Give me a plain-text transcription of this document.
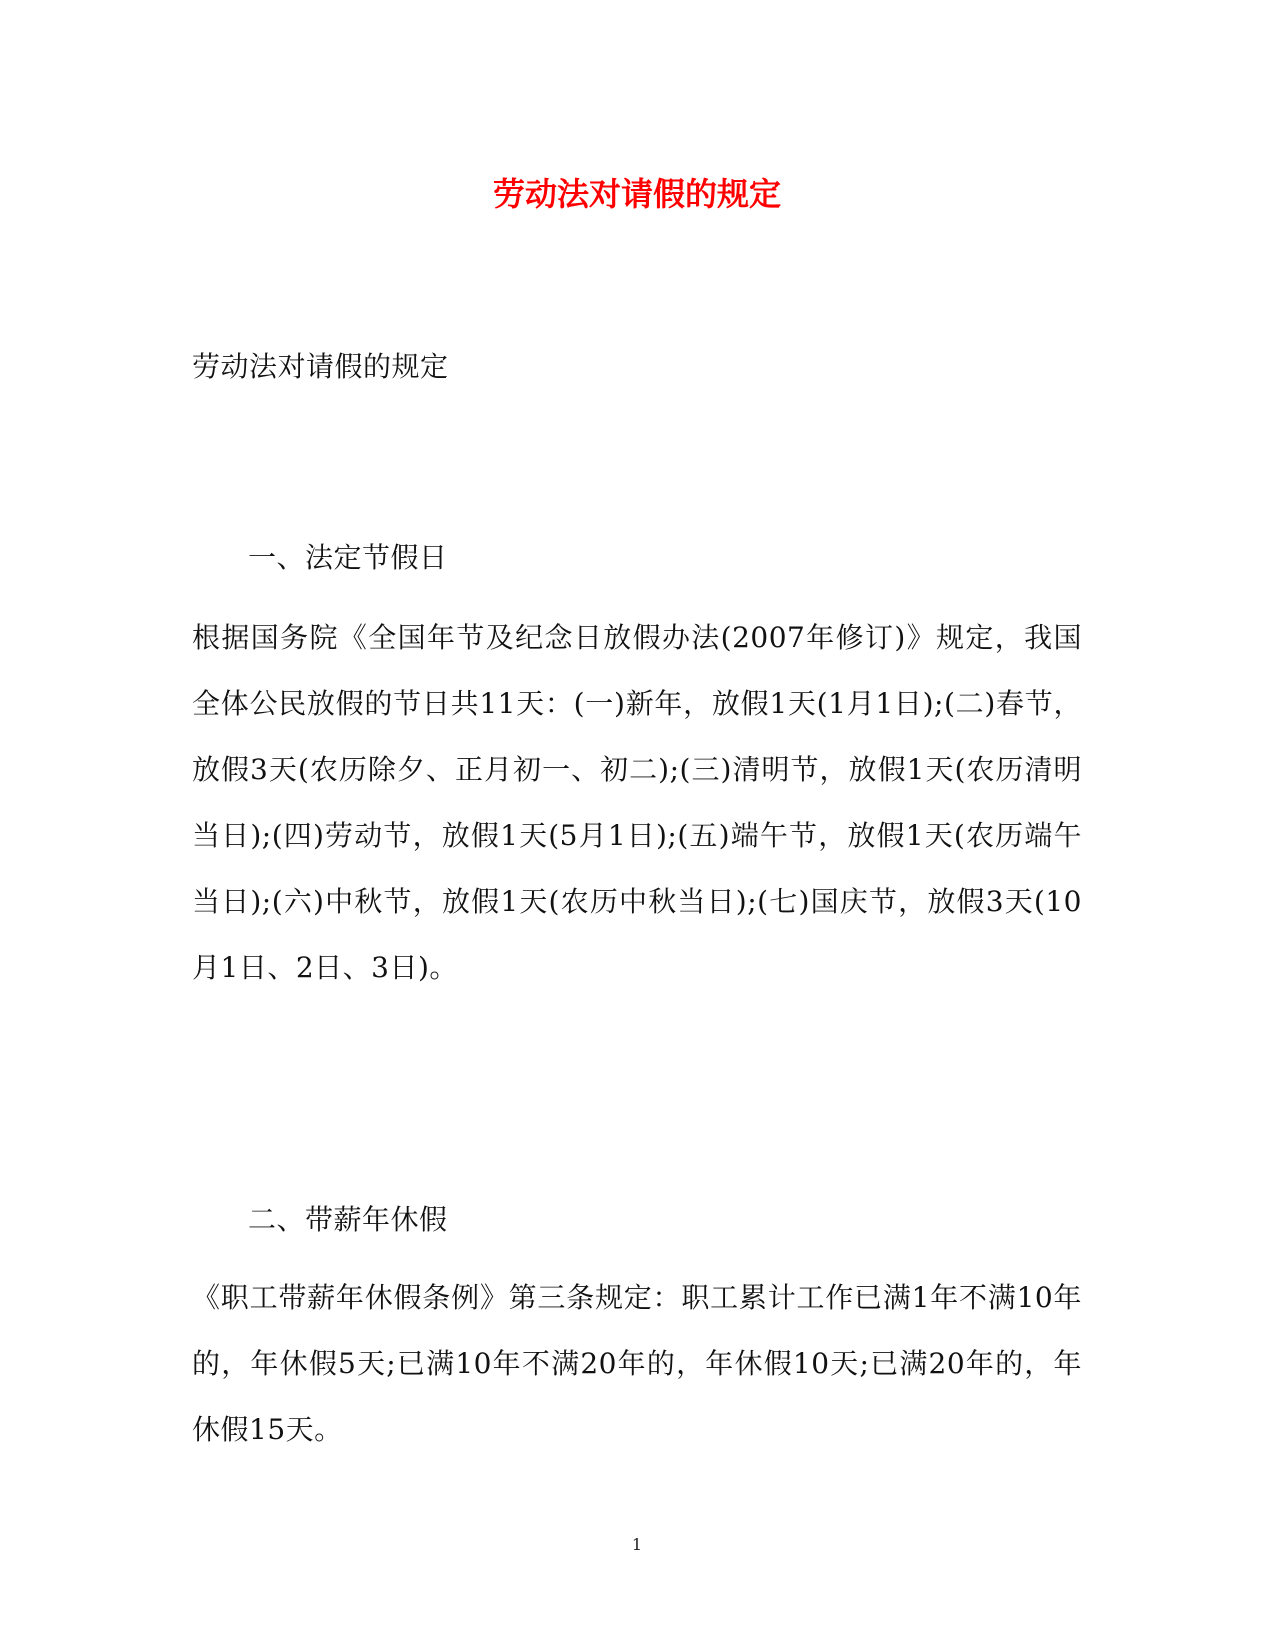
劳动法对请假的规定

劳动法对请假的规定

一、法定节假日

根据国务院《全国年节及纪念日放假办法(2007年修订)》规定，我国全体公民放假的节日共11天：(一)新年，放假1天(1月1日);(二)春节，放假3天(农历除夕、正月初一、初二);(三)清明节，放假1天(农历清明当日);(四)劳动节，放假1天(5月1日);(五)端午节，放假1天(农历端午当日);(六)中秋节，放假1天(农历中秋当日);(七)国庆节，放假3天(10月1日、2日、3日)。

二、带薪年休假

《职工带薪年休假条例》第三条规定：职工累计工作已满1年不满10年的，年休假5天;已满10年不满20年的，年休假10天;已满20年的，年休假15天。

1
